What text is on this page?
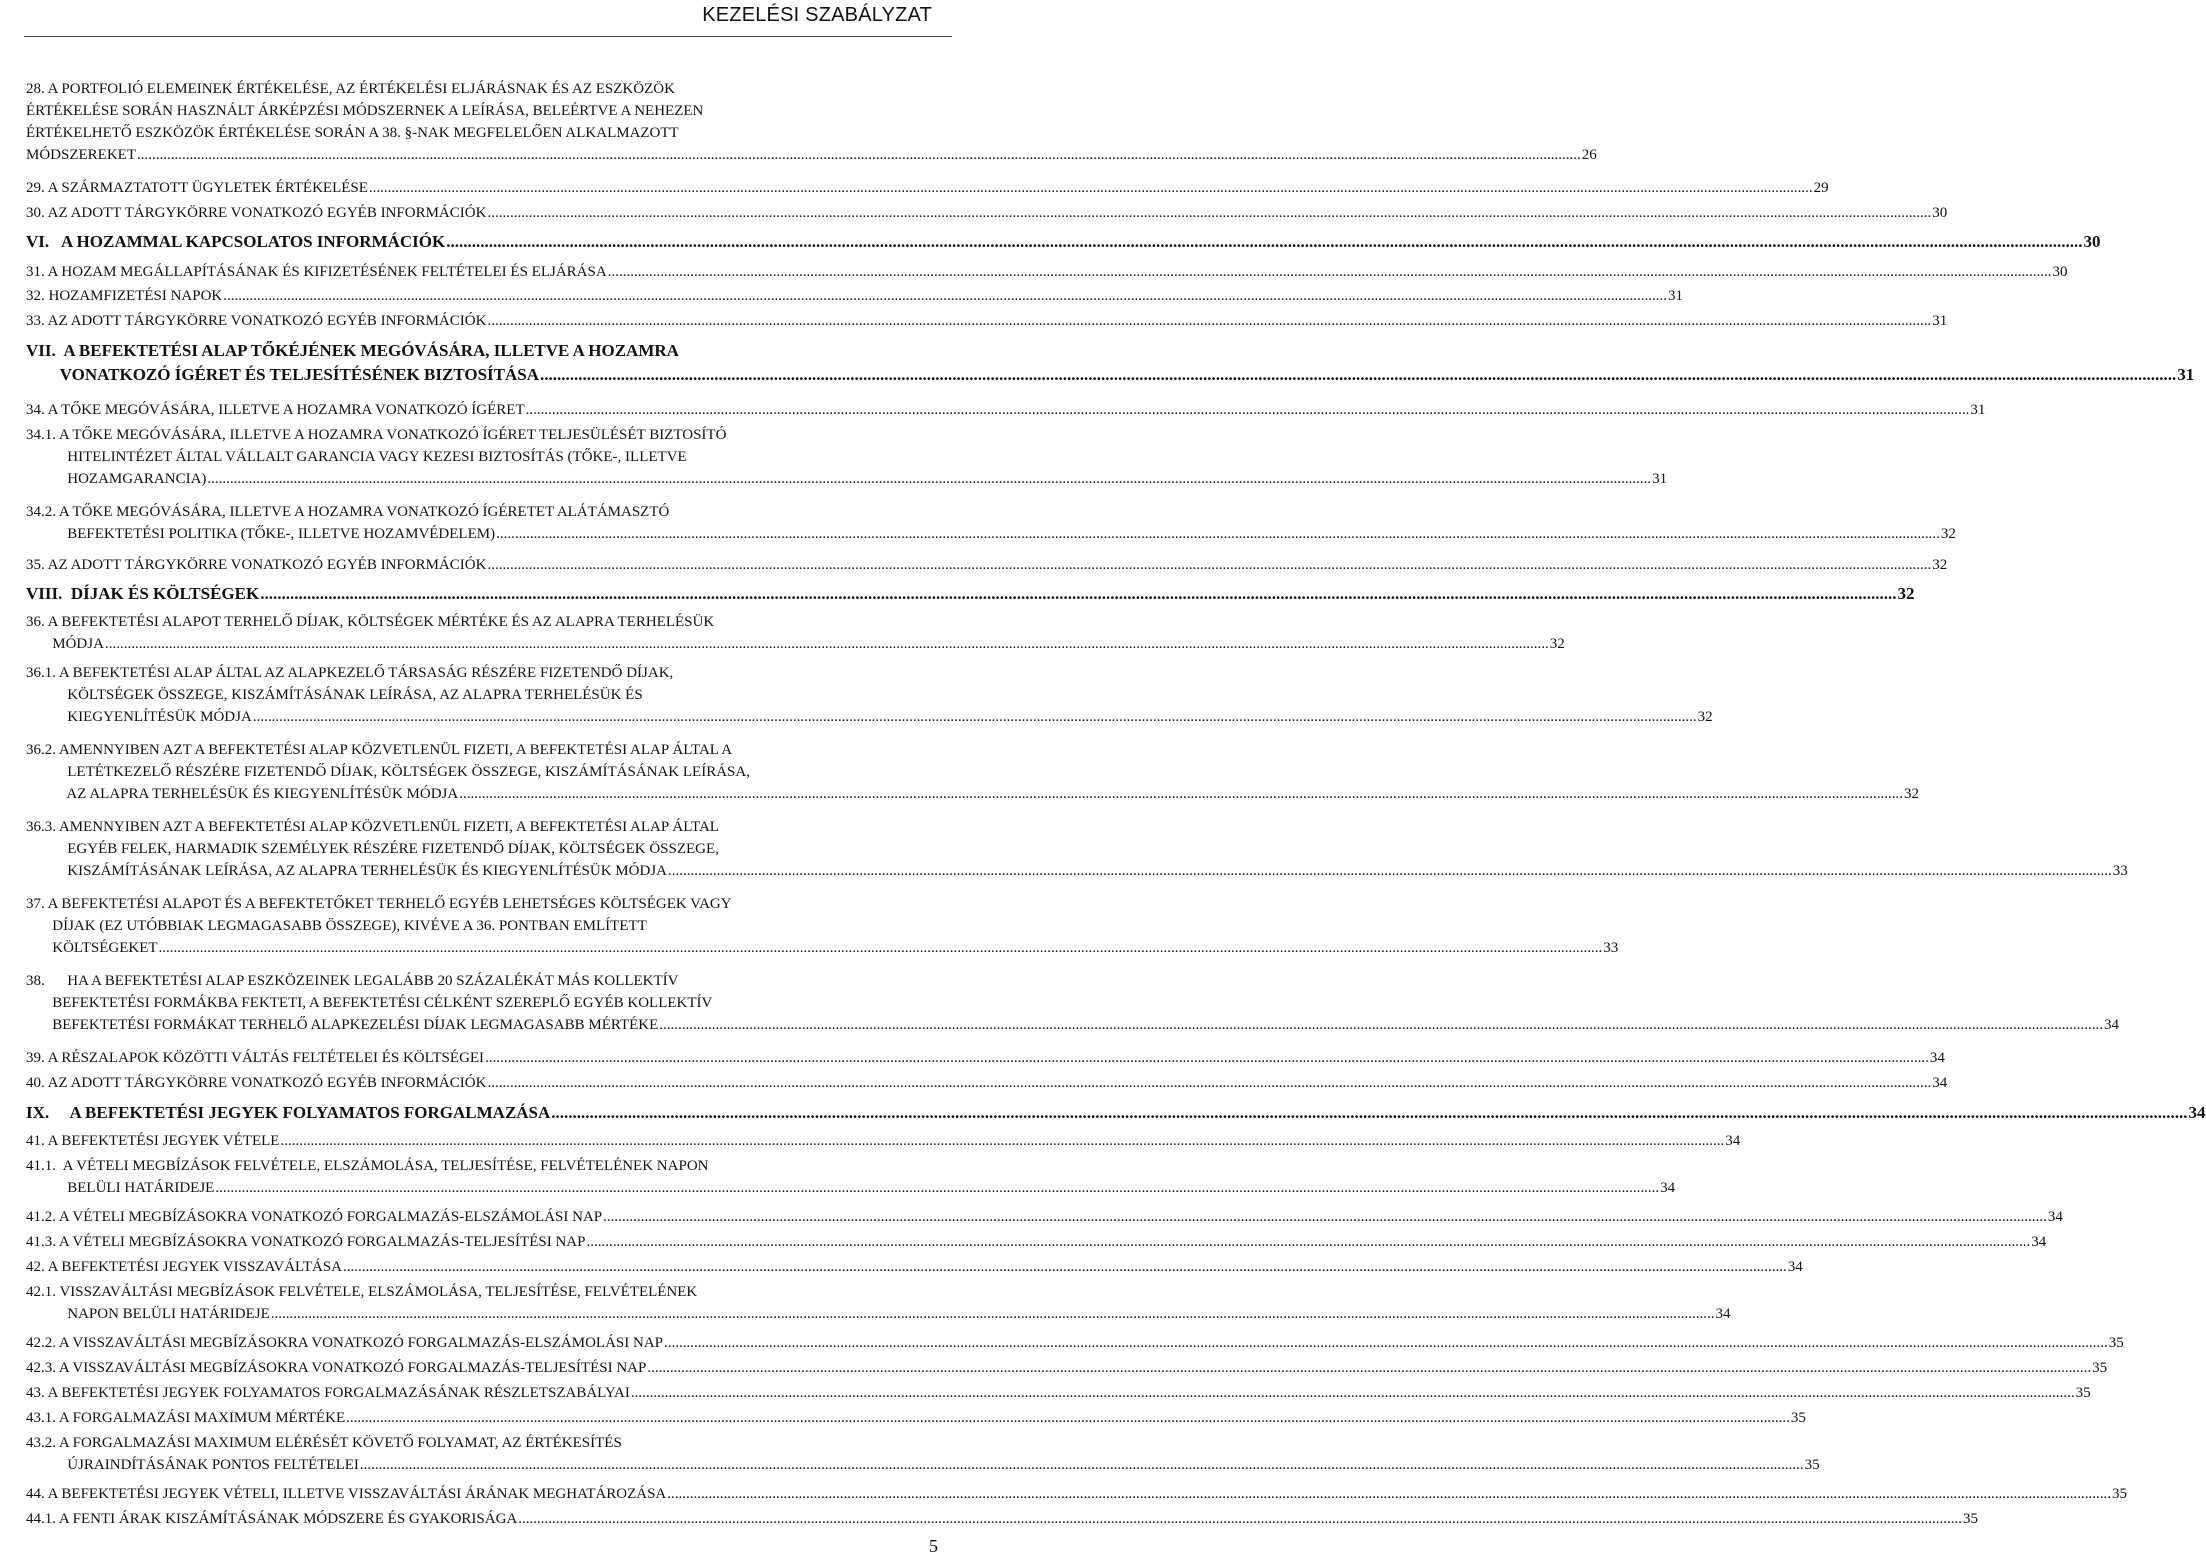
KEZELÉSI SZABÁLYZAT
28. A PORTFOLIÓ ELEMEINEK ÉRTÉKELÉSE, AZ ÉRTÉKELÉSI ELJÁRÁSNAK ÉS AZ ESZKÖZÖK
ÉRTÉKELÉSE SORÁN HASZNÁLT ÁRKÉPZÉSI MÓDSZERNEK A LEÍRÁSA, BELEÉRTVE A NEHEZEN
ÉRTÉKELHETŐ ESZKÖZÖK ÉRTÉKELÉSE SORÁN A 38. §-NAK MEGFELELŐEN ALKALMAZOTT
MÓDSZEREKET .....	26
29. A SZÁRMAZTATOTT ÜGYLETEK ÉRTÉKELÉSE .....	29
30. AZ ADOTT TÁRGYKÖRRE VONATKOZÓ EGYÉB INFORMÁCIÓK .....	30
VI.   A HOZAMMAL KAPCSOLATOS INFORMÁCIÓK .....	30
31. A HOZAM MEGÁLLAPÍTÁSÁNAK ÉS KIFIZETÉSÉNEK FELTÉTELEI ÉS ELJÁRÁSA .....	30
32. HOZAMFIZETÉSI NAPOK .....	31
33. AZ ADOTT TÁRGYKÖRRE VONATKOZÓ EGYÉB INFORMÁCIÓK .....	31
VII.  A BEFEKTETÉSI ALAP TŐKÉJÉNEK MEGÓVÁSÁRA, ILLETVE A HOZAMRA
VONATKOZÓ ÍGÉRET ÉS TELJESÍTÉSÉNEK BIZTOSÍTÁSA .....	31
34. A TŐKE MEGÓVÁSÁRA, ILLETVE A HOZAMRA VONATKOZÓ ÍGÉRET .....	31
34.1. A TŐKE MEGÓVÁSÁRA, ILLETVE A HOZAMRA VONATKOZÓ ÍGÉRET TELJESÜLÉSÉT BIZTOSÍTÓ
HITELINTÉZET ÁLTAL VÁLLALT GARANCIA VAGY KEZESI BIZTOSÍTÁS (TŐKE-, ILLETVE
HOZAMGARANCIA) .....	31
34.2. A TŐKE MEGÓVÁSÁRA, ILLETVE A HOZAMRA VONATKOZÓ ÍGÉRETET ALÁTÁMASZTÓ
BEFEKTETÉSI POLITIKA (TŐKE-, ILLETVE HOZAMVÉDELEM) .....	32
35. AZ ADOTT TÁRGYKÖRRE VONATKOZÓ EGYÉB INFORMÁCIÓK .....	32
VIII.  DÍJAK ÉS KÖLTSÉGEK .....	32
36. A BEFEKTETÉSI ALAPOT TERHELŐ DÍJAK, KÖLTSÉGEK MÉRTÉKE ÉS AZ ALAPRA TERHELÉSÜK
MÓDJA .....	32
36.1. A BEFEKTETÉSI ALAP ÁLTAL AZ ALAPKEZELŐ TÁRSASÁG RÉSZÉRE FIZETENDŐ DÍJAK,
KÖLTSÉGEK ÖSSZEGE, KISZÁMÍTÁSÁNAK LEÍRÁSA, AZ ALAPRA TERHELÉSÜK ÉS
KIEGYENLÍTÉSÜK MÓDJA .....	32
36.2. AMENNYIBEN AZT A BEFEKTETÉSI ALAP KÖZVETLENÜL FIZETI, A BEFEKTETÉSI ALAP ÁLTAL A
LETÉTKEZELŐ RÉSZÉRE FIZETENDŐ DÍJAK, KÖLTSÉGEK ÖSSZEGE, KISZÁMÍTÁSÁNAK LEÍRÁSA,
AZ ALAPRA TERHELÉSÜK ÉS KIEGYENLÍTÉSÜK MÓDJA .....	32
36.3. AMENNYIBEN AZT A BEFEKTETÉSI ALAP KÖZVETLENÜL FIZETI, A BEFEKTETÉSI ALAP ÁLTAL
EGYÉB FELEK, HARMADIK SZEMÉLYEK RÉSZÉRE FIZETENDŐ DÍJAK, KÖLTSÉGEK ÖSSZEGE,
KISZÁMÍTÁSÁNAK LEÍRÁSA, AZ ALAPRA TERHELÉSÜK ÉS KIEGYENLÍTÉSÜK MÓDJA .....	33
37. A BEFEKTETÉSI ALAPOT ÉS A BEFEKTETŐKET TERHELŐ EGYÉB LEHETSÉGES KÖLTSÉGEK VAGY
DÍJAK (EZ UTÓBBIAK LEGMAGASABB ÖSSZEGE), KIVÉVE A 36. PONTBAN EMLÍTETT
KÖLTSÉGEKET .....	33
38.      HA A BEFEKTETÉSI ALAP ESZKÖZEINEK LEGALÁBB 20 SZÁZALÉKÁT MÁS KOLLEKTÍV
BEFEKTETÉSI FORMÁKBA FEKTETI, A BEFEKTETÉSI CÉLKÉNT SZEREPLŐ EGYÉB KOLLEKTÍV
BEFEKTETÉSI FORMÁKAT TERHELŐ ALAPKEZELÉSI DÍJAK LEGMAGASABB MÉRTÉKE .....	34
39. A RÉSZALAPOK KÖZÖTTI VÁLTÁS FELTÉTELEI ÉS KÖLTSÉGEI .....	34
40. AZ ADOTT TÁRGYKÖRRE VONATKOZÓ EGYÉB INFORMÁCIÓK .....	34
IX.     A BEFEKTETÉSI JEGYEK FOLYAMATOS FORGALMAZÁSA .....	34
41. A BEFEKTETÉSI JEGYEK VÉTELE .....	34
41.1.  A VÉTELI MEGBÍZÁSOK FELVÉTELE, ELSZÁMOLÁSA, TELJESÍTÉSE, FELVÉTELÉNEK NAPON
BELÜLI HATÁRIDEJE .....	34
41.2. A VÉTELI MEGBÍZÁSOKRA VONATKOZÓ FORGALMAZÁS-ELSZÁMOLÁSI NAP .....	34
41.3. A VÉTELI MEGBÍZÁSOKRA VONATKOZÓ FORGALMAZÁS-TELJESÍTÉSI NAP .....	34
42. A BEFEKTETÉSI JEGYEK VISSZAVÁLTÁSA .....	34
42.1. VISSZAVÁLTÁSI MEGBÍZÁSOK FELVÉTELE, ELSZÁMOLÁSA, TELJESÍTÉSE, FELVÉTELÉNEK
NAPON BELÜLI HATÁRIDEJE .....	34
42.2. A VISSZAVÁLTÁSI MEGBÍZÁSOKRA VONATKOZÓ FORGALMAZÁS-ELSZÁMOLÁSI NAP .....	35
42.3. A VISSZAVÁLTÁSI MEGBÍZÁSOKRA VONATKOZÓ FORGALMAZÁS-TELJESÍTÉSI NAP .....	35
43. A BEFEKTETÉSI JEGYEK FOLYAMATOS FORGALMAZÁSÁNAK RÉSZLETSZABÁLYAI .....	35
43.1. A FORGALMAZÁSI MAXIMUM MÉRTÉKE .....	35
43.2. A FORGALMAZÁSI MAXIMUM ELÉRÉSÉT KÖVETŐ FOLYAMAT, AZ ÉRTÉKESÍTÉS
ÚJRAINDÍTÁSÁNAK PONTOS FELTÉTELEI .....	35
44. A BEFEKTETÉSI JEGYEK VÉTELI, ILLETVE VISSZAVÁLTÁSI ÁRÁNAK MEGHATÁROZÁSA .....	35
44.1. A FENTI ÁRAK KISZÁMÍTÁSÁNAK MÓDSZERE ÉS GYAKORISÁGA .....	35
5
